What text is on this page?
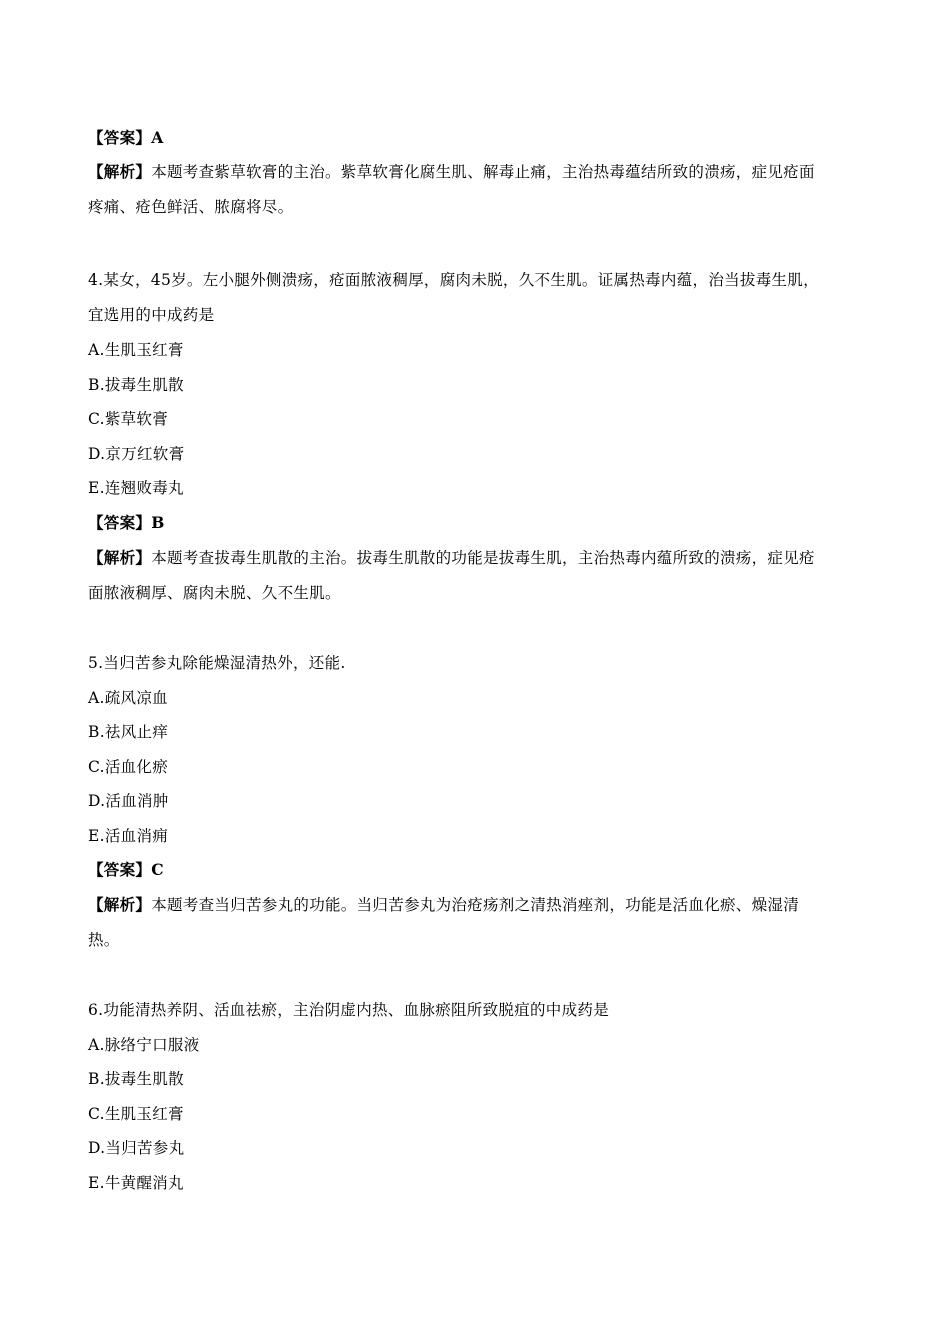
【答案】A
【解析】本题考查紫草软膏的主治。紫草软膏化腐生肌、解毒止痛，主治热毒蕴结所致的溃疡，症见疮面
疼痛、疮色鲜活、脓腐将尽。
4.某女，45岁。左小腿外侧溃疡，疮面脓液稠厚，腐肉未脱，久不生肌。证属热毒内蕴，治当拔毒生肌，
宜选用的中成药是
A.生肌玉红膏
B.拔毒生肌散
C.紫草软膏
D.京万红软膏
E.连翘败毒丸
【答案】B
【解析】本题考查拔毒生肌散的主治。拔毒生肌散的功能是拔毒生肌，主治热毒内蕴所致的溃疡，症见疮
面脓液稠厚、腐肉未脱、久不生肌。
5.当归苦参丸除能燥湿清热外，还能.
A.疏风凉血
B.祛风止痒
C.活血化瘀
D.活血消肿
E.活血消痈
【答案】C
【解析】本题考查当归苦参丸的功能。当归苦参丸为治疮疡剂之清热消痤剂，功能是活血化瘀、燥湿清
热。
6.功能清热养阴、活血祛瘀，主治阴虚内热、血脉瘀阻所致脱疽的中成药是
A.脉络宁口服液
B.拔毒生肌散
C.生肌玉红膏
D.当归苦参丸
E.牛黄醒消丸
